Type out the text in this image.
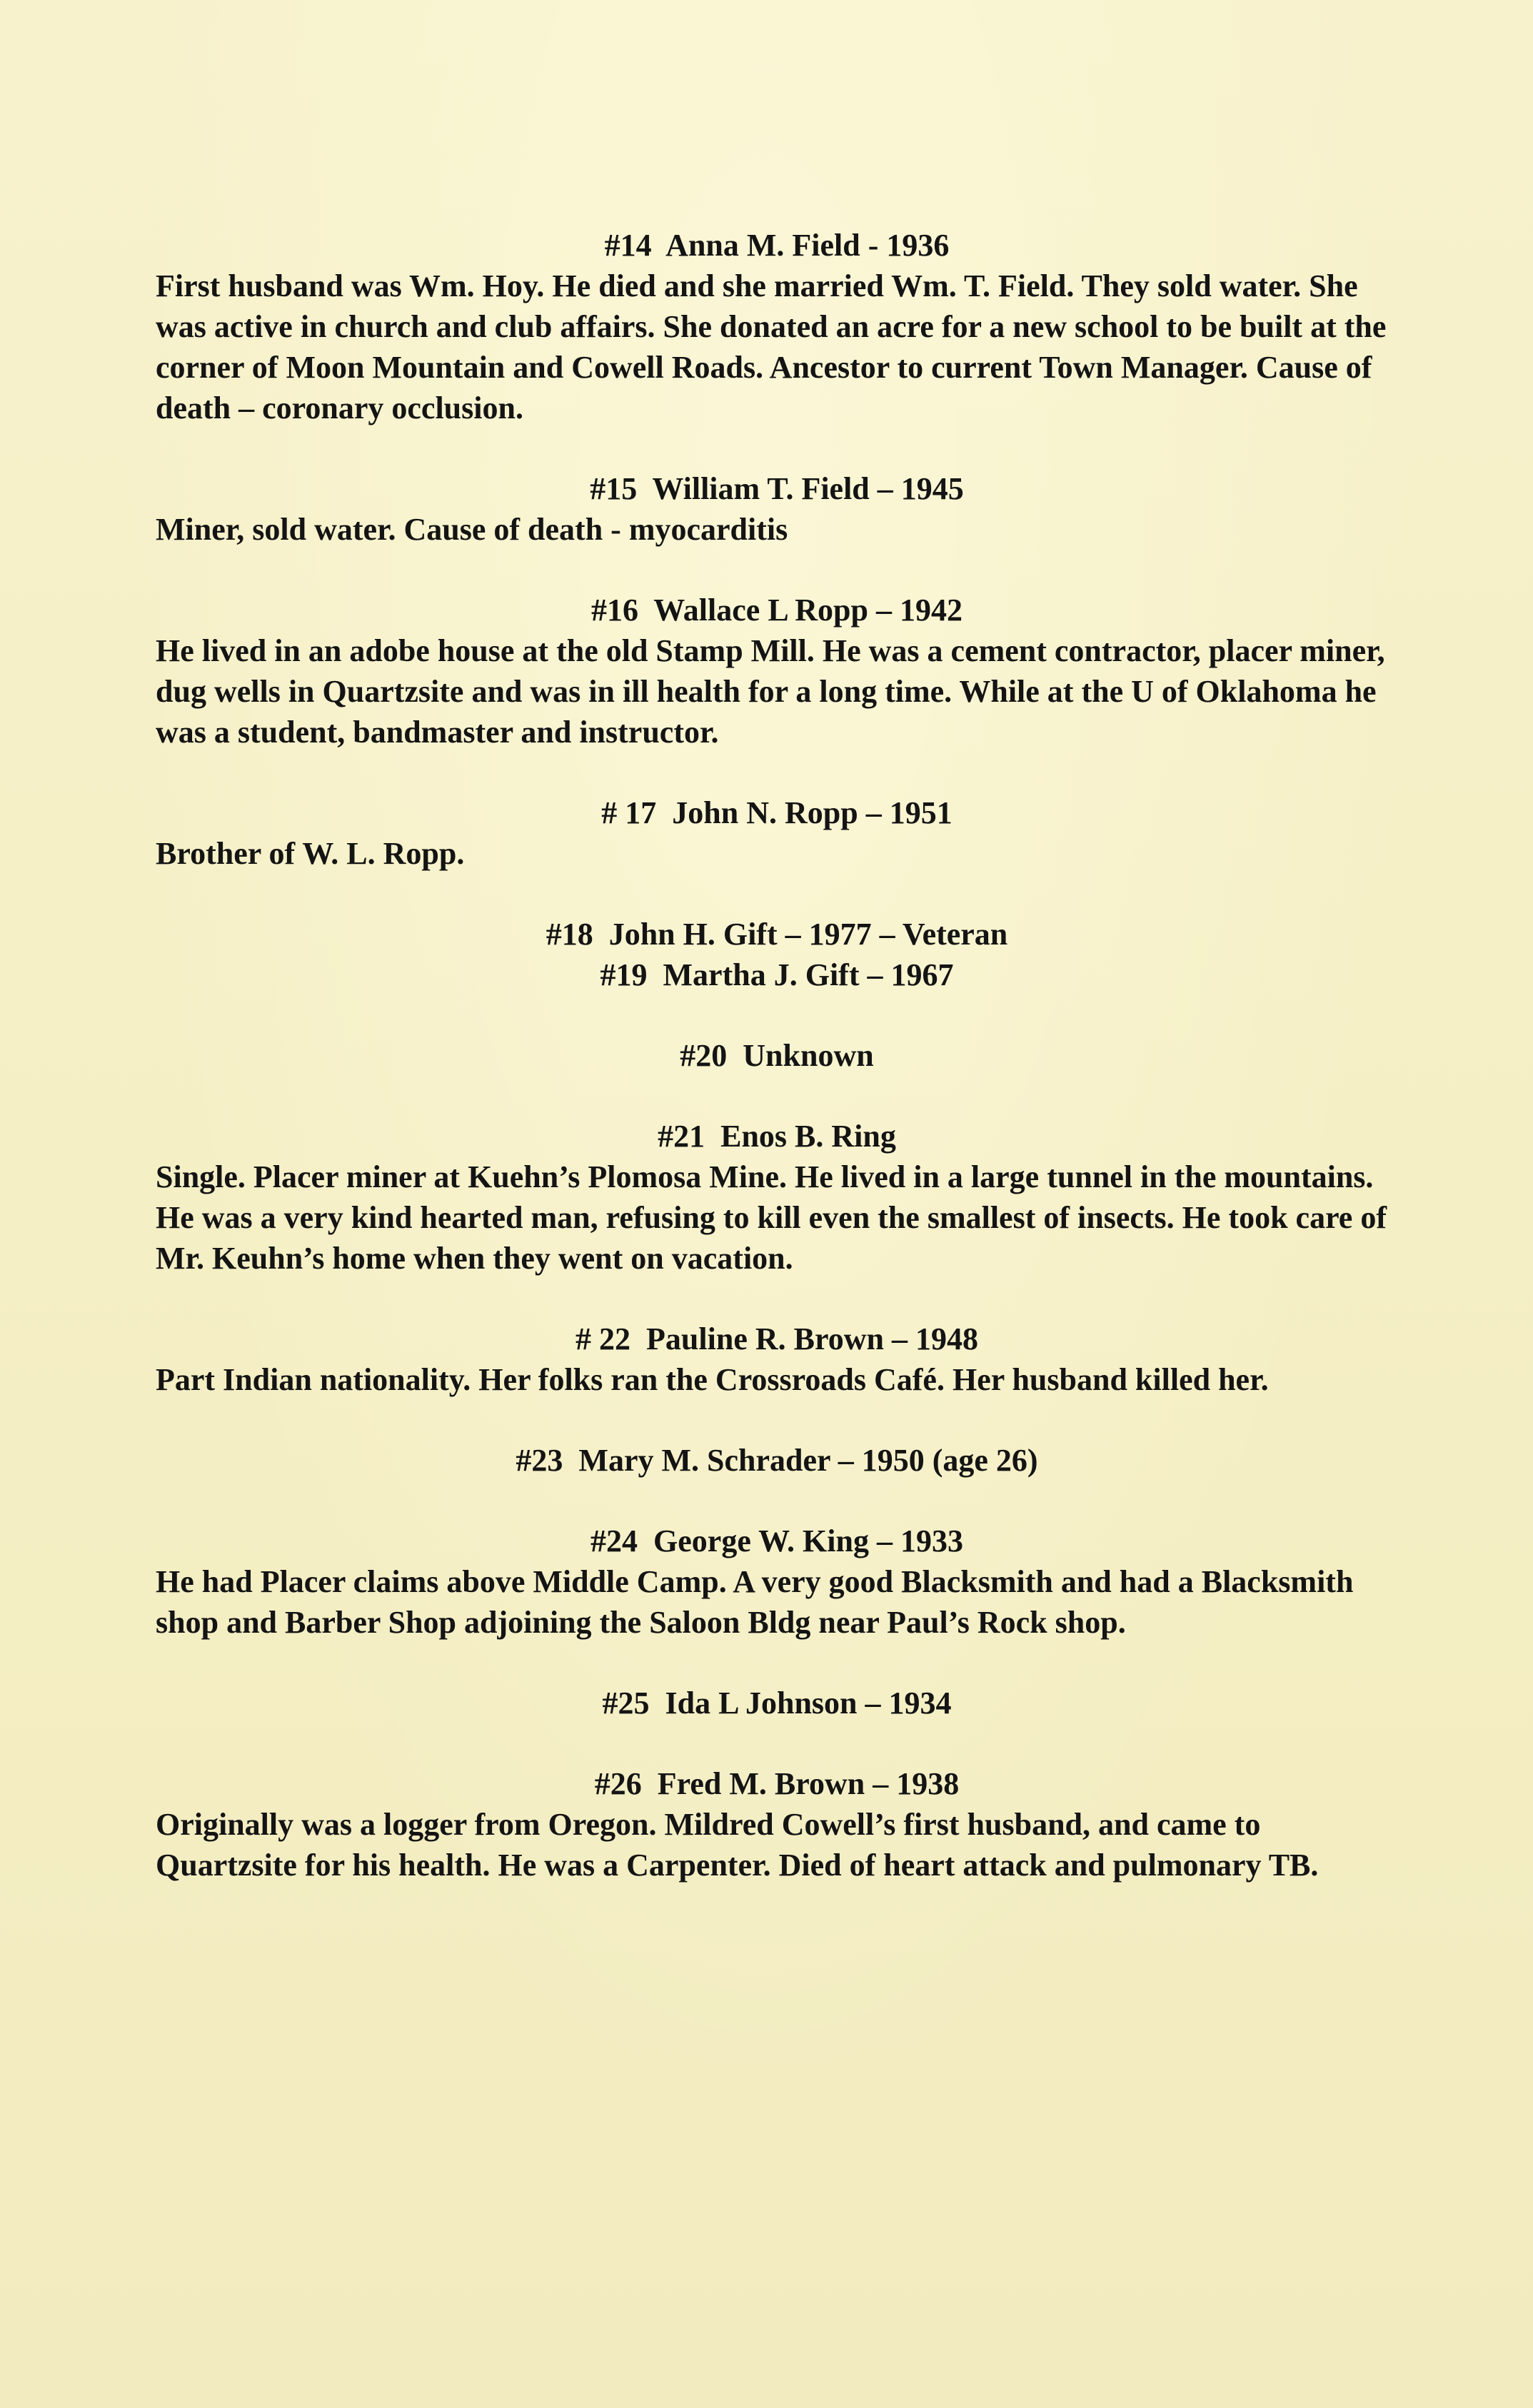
#14  Anna M. Field - 1936

First husband was Wm. Hoy. He died and she married Wm. T. Field. They sold water. She was active in church and club affairs. She donated an acre for a new school to be built at the corner of Moon Mountain and Cowell Roads. Ancestor to current Town Manager. Cause of death – coronary occlusion.

#15  William T. Field – 1945

Miner, sold water. Cause of death - myocarditis

#16  Wallace L Ropp – 1942

He lived in an adobe house at the old Stamp Mill. He was a cement contractor, placer miner, dug wells in Quartzsite and was in ill health for a long time. While at the U of Oklahoma he was a student, bandmaster and instructor.

# 17  John N. Ropp – 1951

Brother of W. L. Ropp.

#18  John H. Gift – 1977 – Veteran

#19  Martha J. Gift – 1967

#20  Unknown

#21  Enos B. Ring

Single. Placer miner at Kuehn’s Plomosa Mine. He lived in a large tunnel in the mountains. He was a very kind hearted man, refusing to kill even the smallest of insects. He took care of Mr. Keuhn’s home when they went on vacation.

# 22  Pauline R. Brown – 1948

Part Indian nationality. Her folks ran the Crossroads Café. Her husband killed her.

#23  Mary M. Schrader – 1950 (age 26)

#24  George W. King – 1933

He had Placer claims above Middle Camp. A very good Blacksmith and had a Blacksmith shop and Barber Shop adjoining the Saloon Bldg near Paul’s Rock shop.

#25  Ida L Johnson – 1934

#26  Fred M. Brown – 1938

Originally was a logger from Oregon. Mildred Cowell’s first husband, and came to Quartzsite for his health. He was a Carpenter. Died of heart attack and pulmonary TB.
